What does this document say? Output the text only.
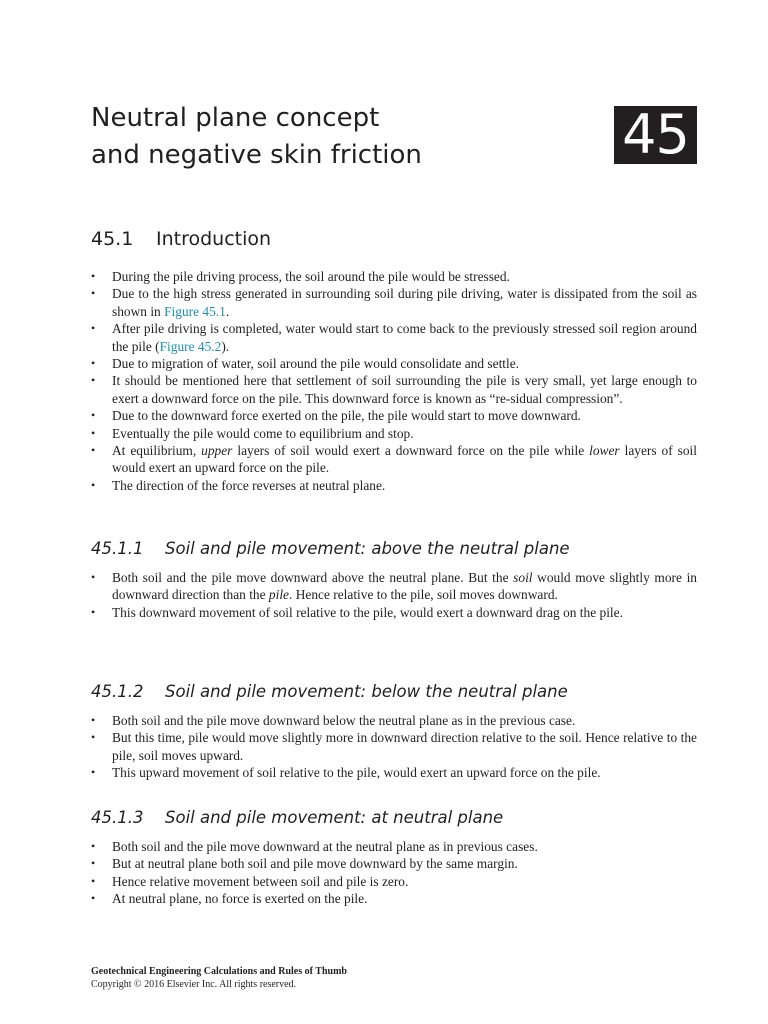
Neutral plane concept
and negative skin friction	45
45.1 Introduction
• During the pile driving process, the soil around the pile would be stressed.
• Due to the high stress generated in surrounding soil during pile driving, water is dissipated from the soil as shown in Figure 45.1.
• After pile driving is completed, water would start to come back to the previously stressed soil region around the pile (Figure 45.2).
• Due to migration of water, soil around the pile would consolidate and settle.
• It should be mentioned here that settlement of soil surrounding the pile is very small, yet large enough to exert a downward force on the pile. This downward force is known as “re-sidual compression”.
• Due to the downward force exerted on the pile, the pile would start to move downward.
• Eventually the pile would come to equilibrium and stop.
• At equilibrium, upper layers of soil would exert a downward force on the pile while lower layers of soil would exert an upward force on the pile.
• The direction of the force reverses at neutral plane.
45.1.1 Soil and pile movement: above the neutral plane
• Both soil and the pile move downward above the neutral plane. But the soil would move slightly more in downward direction than the pile. Hence relative to the pile, soil moves downward.
• This downward movement of soil relative to the pile, would exert a downward drag on the pile.
45.1.2 Soil and pile movement: below the neutral plane
• Both soil and the pile move downward below the neutral plane as in the previous case.
• But this time, pile would move slightly more in downward direction relative to the soil. Hence relative to the pile, soil moves upward.
• This upward movement of soil relative to the pile, would exert an upward force on the pile.
45.1.3 Soil and pile movement: at neutral plane
• Both soil and the pile move downward at the neutral plane as in previous cases.
• But at neutral plane both soil and pile move downward by the same margin.
• Hence relative movement between soil and pile is zero.
• At neutral plane, no force is exerted on the pile.
Geotechnical Engineering Calculations and Rules of Thumb
Copyright © 2016 Elsevier Inc. All rights reserved.
